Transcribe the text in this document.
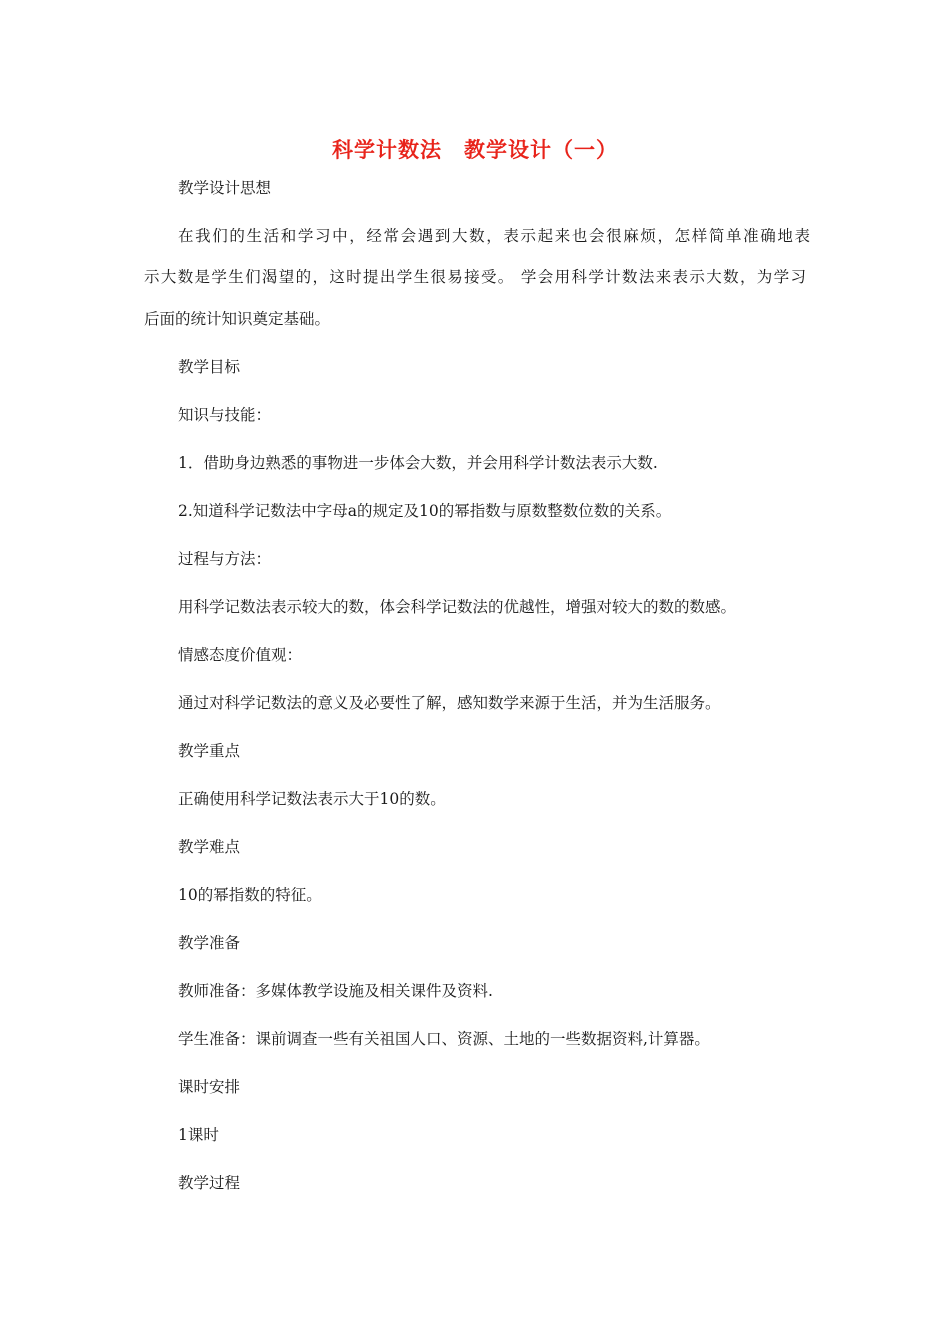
科学计数法　教学设计（一）
教学设计思想
在我们的生活和学习中，经常会遇到大数，表示起来也会很麻烦，怎样简单准确地表
示大数是学生们渴望的，这时提出学生很易接受。 学会用科学计数法来表示大数，为学习
后面的统计知识奠定基础。
教学目标
知识与技能：
1．借助身边熟悉的事物进一步体会大数，并会用科学计数法表示大数.
2.知道科学记数法中字母a的规定及10的幂指数与原数整数位数的关系。
过程与方法：
用科学记数法表示较大的数，体会科学记数法的优越性，增强对较大的数的数感。
情感态度价值观：
通过对科学记数法的意义及必要性了解，感知数学来源于生活，并为生活服务。
教学重点
正确使用科学记数法表示大于10的数。
教学难点
10的幂指数的特征。
教学准备
教师准备：多媒体教学设施及相关课件及资料.
学生准备：课前调查一些有关祖国人口、资源、土地的一些数据资料,计算器。
课时安排
1课时
教学过程
